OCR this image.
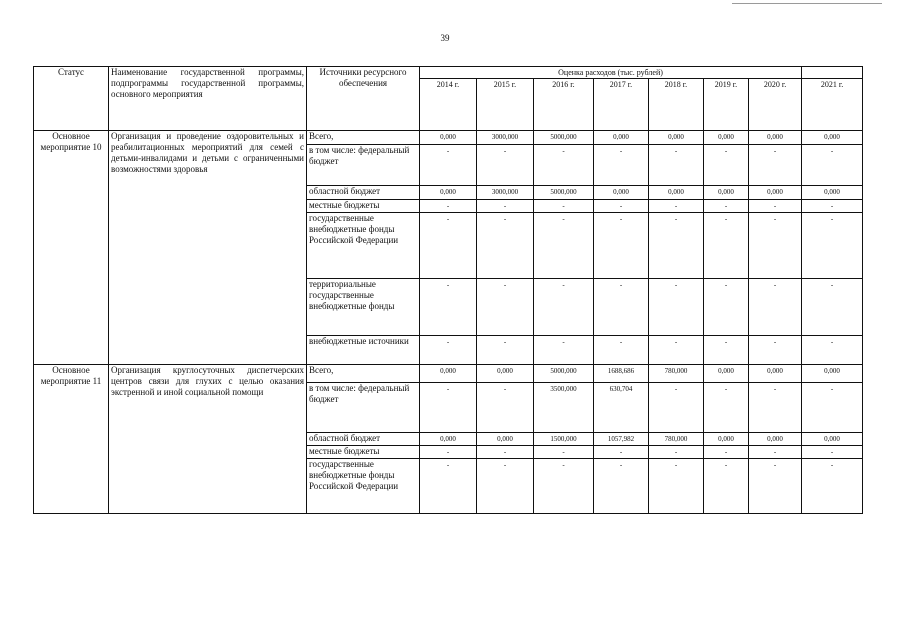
39
Статус	Наименование государственной программы, подпрограммы государственной программы, основного мероприятия	Источники ресурсного обеспечения	Оценка расходов (тыс. рублей)							
			2014 г.	2015 г.	2016 г.	2017 г.	2018 г.	2019 г.	2020 г.	2021 г.
Основное мероприятие 10	Организация и проведение оздоровительных и реабилитационных мероприятий для семей с детьми-инвалидами и детьми с ограниченными возможностями здоровья	Всего,	0,000	3000,000	5000,000	0,000	0,000	0,000	0,000	0,000
		в том числе: федеральный бюджет	-	-	-	-	-	-	-	-
		областной бюджет	0,000	3000,000	5000,000	0,000	0,000	0,000	0,000	0,000
		местные бюджеты	-	-	-	-	-	-	-	-
		государственные внебюджетные фонды Российской Федерации	-	-	-	-	-	-	-	-
		территориальные государственные внебюджетные фонды	-	-	-	-	-	-	-	-
		внебюджетные источники	-	-	-	-	-	-	-	-
Основное мероприятие 11	Организация круглосуточных диспетчерских центров связи для глухих с целью оказания экстренной и иной социальной помощи	Всего,	0,000	0,000	5000,000	1688,686	780,000	0,000	0,000	0,000
		в том числе: федеральный бюджет	-	-	3500,000	630,704	-	-	-	-
		областной бюджет	0,000	0,000	1500,000	1057,982	780,000	0,000	0,000	0,000
		местные бюджеты	-	-	-	-	-	-	-	-
		государственные внебюджетные фонды Российской Федерации	-	-	-	-	-	-	-	-
